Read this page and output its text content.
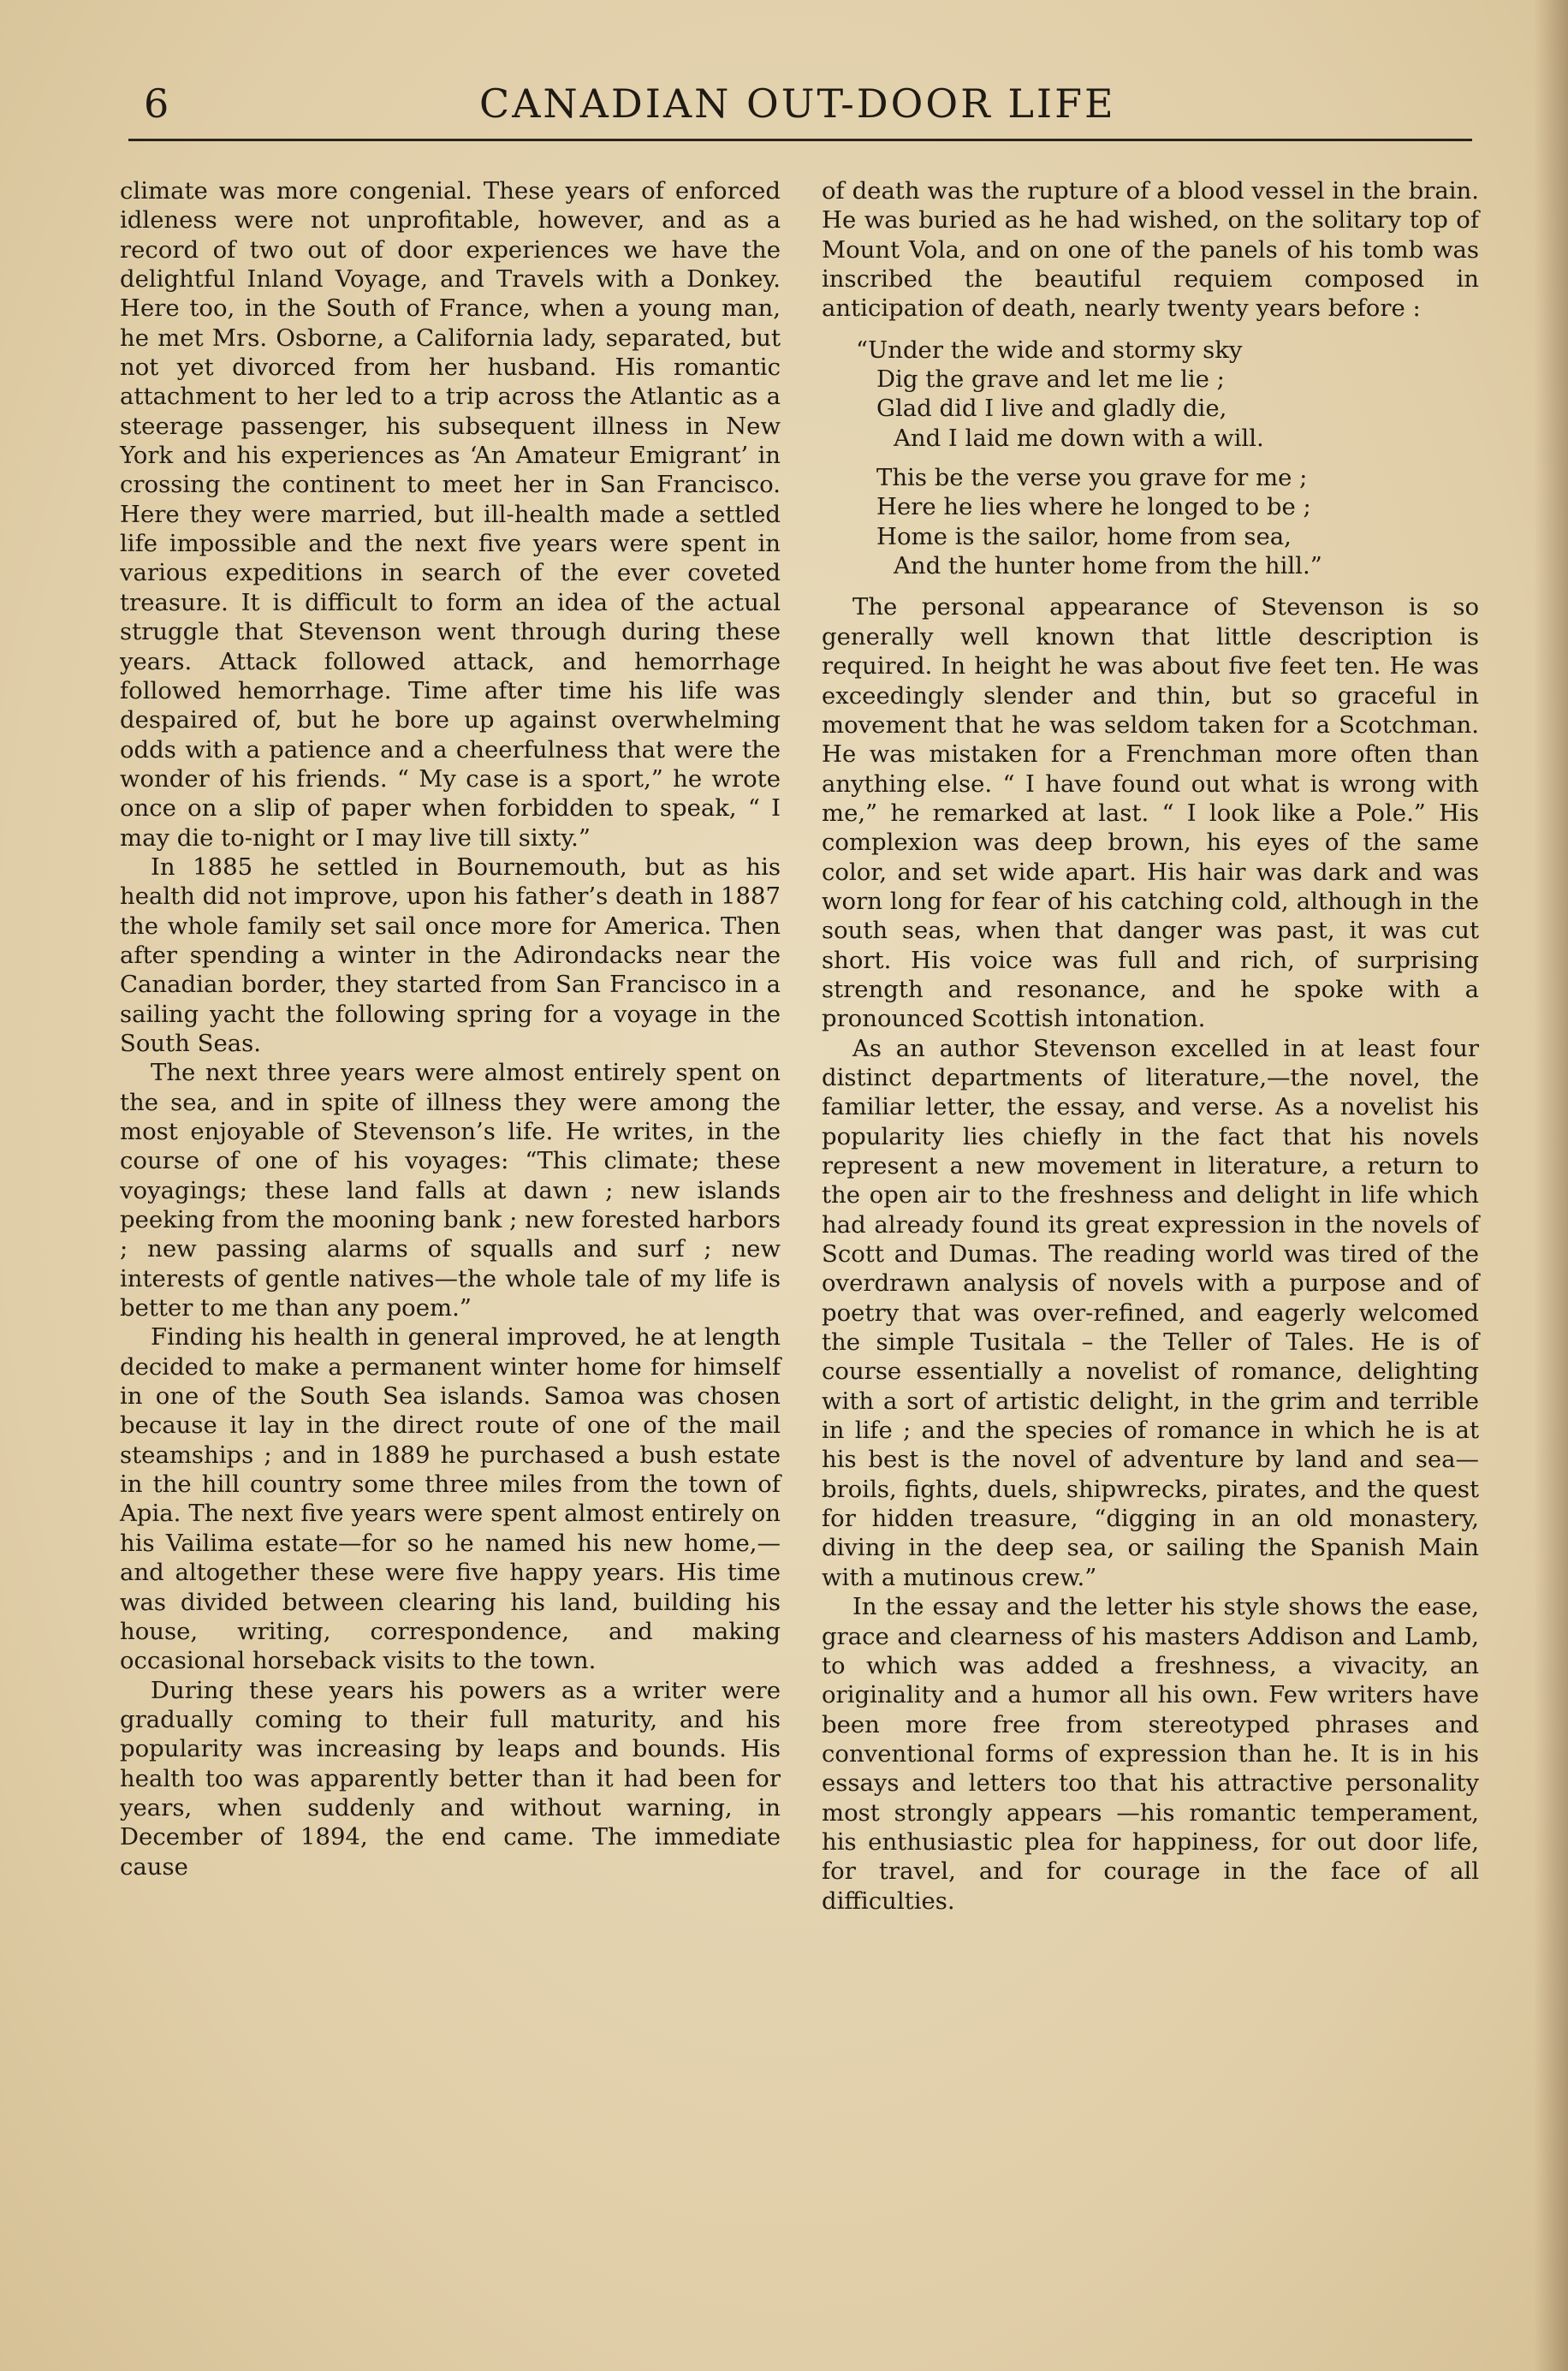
6	CANADIAN OUT-DOOR LIFE

climate was more congenial. These years of enforced idleness were not unprofitable, however, and as a record of two out of door experiences we have the delightful Inland Voyage, and Travels with a Donkey. Here too, in the South of France, when a young man, he met Mrs. Osborne, a California lady, separated, but not yet divorced from her husband. His romantic attachment to her led to a trip across the Atlantic as a steerage passenger, his subsequent illness in New York and his experiences as ‘An Amateur Emigrant’ in crossing the continent to meet her in San Francisco. Here they were married, but ill-health made a settled life impossible and the next five years were spent in various expeditions in search of the ever coveted treasure. It is difficult to form an idea of the actual struggle that Stevenson went through during these years. Attack followed attack, and hemorrhage followed hemorrhage. Time after time his life was despaired of, but he bore up against overwhelming odds with a patience and a cheerfulness that were the wonder of his friends. “ My case is a sport,” he wrote once on a slip of paper when forbidden to speak, “ I may die to-night or I may live till sixty.”

In 1885 he settled in Bournemouth, but as his health did not improve, upon his father’s death in 1887 the whole family set sail once more for America. Then after spending a winter in the Adirondacks near the Canadian border, they started from San Francisco in a sailing yacht the following spring for a voyage in the South Seas.

The next three years were almost entirely spent on the sea, and in spite of illness they were among the most enjoyable of Stevenson’s life. He writes, in the course of one of his voyages: “This climate; these voyagings; these land falls at dawn ; new islands peeking from the mooning bank ; new forested harbors ; new passing alarms of squalls and surf ; new interests of gentle natives—the whole tale of my life is better to me than any poem.”

Finding his health in general improved, he at length decided to make a permanent winter home for himself in one of the South Sea islands. Samoa was chosen because it lay in the direct route of one of the mail steamships ; and in 1889 he purchased a bush estate in the hill country some three miles from the town of Apia. The next five years were spent almost entirely on his Vailima estate—for so he named his new home,—and altogether these were five happy years. His time was divided between clearing his land, building his house, writing, correspondence, and making occasional horseback visits to the town.

During these years his powers as a writer were gradually coming to their full maturity, and his popularity was increasing by leaps and bounds. His health too was apparently better than it had been for years, when suddenly and without warning, in December of 1894, the end came. The immediate cause

of death was the rupture of a blood vessel in the brain. He was buried as he had wished, on the solitary top of Mount Vola, and on one of the panels of his tomb was inscribed the beautiful requiem composed in anticipation of death, nearly twenty years before :

“Under the wide and stormy sky
Dig the grave and let me lie ;
Glad did I live and gladly die,
And I laid me down with a will.
This be the verse you grave for me ;
Here he lies where he longed to be ;
Home is the sailor, home from sea,
And the hunter home from the hill.”

The personal appearance of Stevenson is so generally well known that little description is required. In height he was about five feet ten. He was exceedingly slender and thin, but so graceful in movement that he was seldom taken for a Scotchman. He was mistaken for a Frenchman more often than anything else. “ I have found out what is wrong with me,” he remarked at last. “ I look like a Pole.” His complexion was deep brown, his eyes of the same color, and set wide apart. His hair was dark and was worn long for fear of his catching cold, although in the south seas, when that danger was past, it was cut short. His voice was full and rich, of surprising strength and resonance, and he spoke with a pronounced Scottish intonation.

As an author Stevenson excelled in at least four distinct departments of literature,—the novel, the familiar letter, the essay, and verse. As a novelist his popularity lies chiefly in the fact that his novels represent a new movement in literature, a return to the open air to the freshness and delight in life which had already found its great expression in the novels of Scott and Dumas. The reading world was tired of the overdrawn analysis of novels with a purpose and of poetry that was over-refined, and eagerly welcomed the simple Tusitala – the Teller of Tales. He is of course essentially a novelist of romance, delighting with a sort of artistic delight, in the grim and terrible in life ; and the species of romance in which he is at his best is the novel of adventure by land and sea—broils, fights, duels, shipwrecks, pirates, and the quest for hidden treasure, “digging in an old monastery, diving in the deep sea, or sailing the Spanish Main with a mutinous crew.”

In the essay and the letter his style shows the ease, grace and clearness of his masters Addison and Lamb, to which was added a freshness, a vivacity, an originality and a humor all his own. Few writers have been more free from stereotyped phrases and conventional forms of expression than he. It is in his essays and letters too that his attractive personality most strongly appears —his romantic temperament, his enthusiastic plea for happiness, for out door life, for travel, and for courage in the face of all difficulties.
